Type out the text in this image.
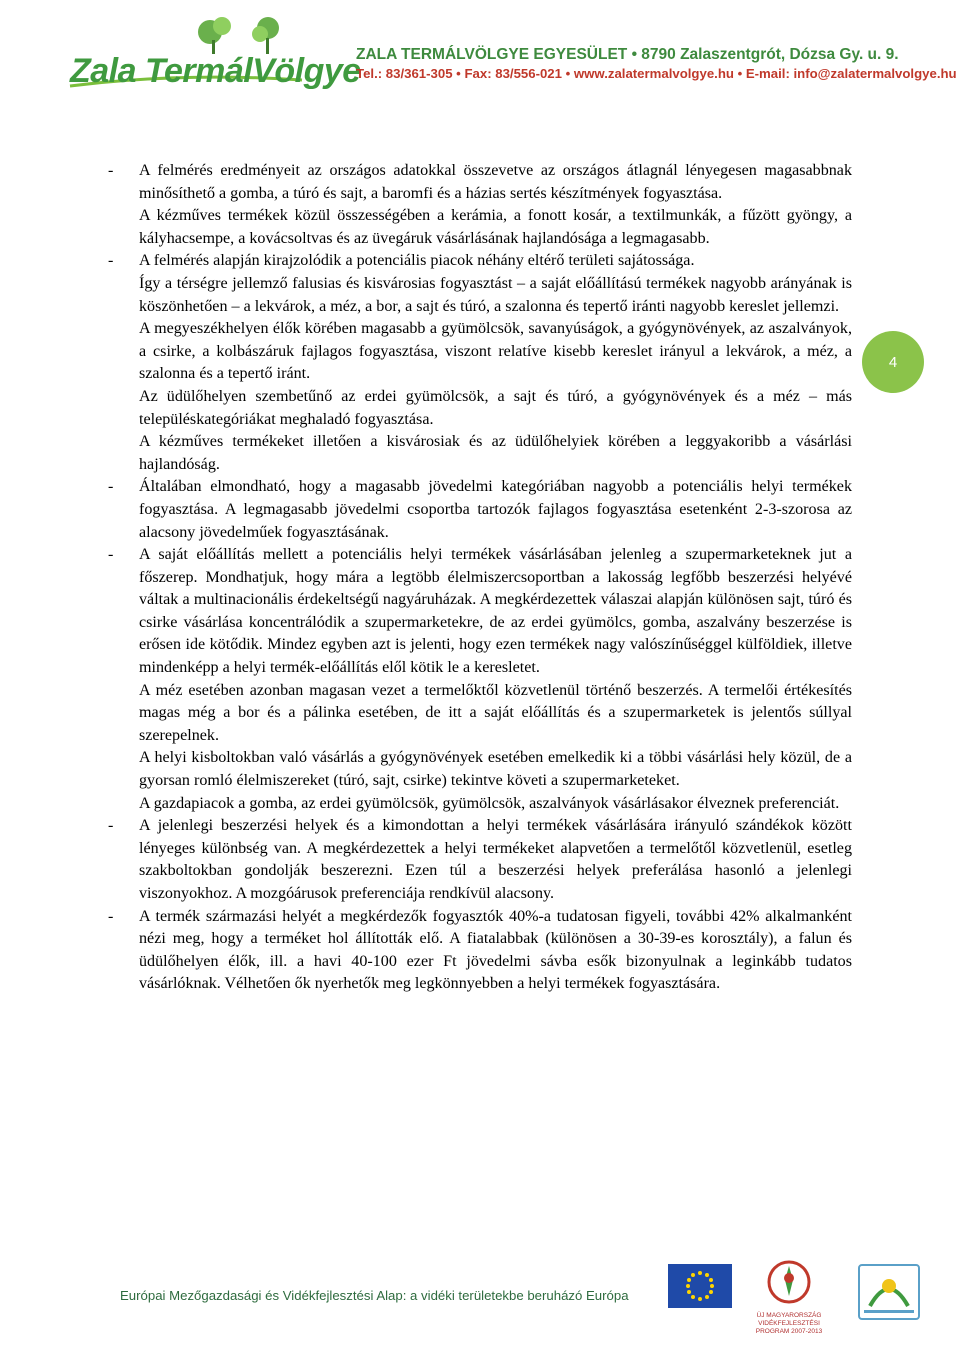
Zala TermálVölgye
ZALA TERMÁLVÖLGYE EGYESÜLET • 8790 Zalaszentgrót, Dózsa Gy. u. 9.
Tel.: 83/361-305 • Fax: 83/556-021 • www.zalatermalvolgye.hu • E-mail: info@zalatermalvolgye.hu
4
- A felmérés eredményeit az országos adatokkal összevetve az országos átlagnál lényegesen magasabbnak minősíthető a gomba, a túró és sajt, a baromfi és a házias sertés készítmények fogyasztása.

A kézműves termékek közül összességében a kerámia, a fonott kosár, a textilmunkák, a fűzött gyöngy, a kályhacsempe, a kovácsoltvas és az üvegáruk vásárlásának hajlandósága a legmagasabb.

- A felmérés alapján kirajzolódik a potenciális piacok néhány eltérő területi sajátossága.

Így a térségre jellemző falusias és kisvárosias fogyasztást – a saját előállítású termékek nagyobb arányának is köszönhetően – a lekvárok, a méz, a bor, a sajt és túró, a szalonna és tepertő iránti nagyobb kereslet jellemzi.

A megyeszékhelyen élők körében magasabb a gyümölcsök, savanyúságok, a gyógynövények, az aszalványok, a csirke, a kolbászáruk fajlagos fogyasztása, viszont relatíve kisebb kereslet irányul a lekvárok, a méz, a szalonna és a tepertő iránt.

Az üdülőhelyen szembetűnő az erdei gyümölcsök, a sajt és túró, a gyógynövények és a méz – más településkategóriákat meghaladó fogyasztása.

A kézműves termékeket illetően a kisvárosiak és az üdülőhelyiek körében a leggyakoribb a vásárlási hajlandóság.

- Általában elmondható, hogy a magasabb jövedelmi kategóriában nagyobb a potenciális helyi termékek fogyasztása. A legmagasabb jövedelmi csoportba tartozók fajlagos fogyasztása esetenként 2-3-szorosa az alacsony jövedelműek fogyasztásának.

- A saját előállítás mellett a potenciális helyi termékek vásárlásában jelenleg a szupermarketeknek jut a főszerep. Mondhatjuk, hogy mára a legtöbb élelmiszercsoportban a lakosság legfőbb beszerzési helyévé váltak a multinacionális érdekeltségű nagyáruházak. A megkérdezettek válaszai alapján különösen sajt, túró és csirke vásárlása koncentrálódik a szupermarketekre, de az erdei gyümölcs, gomba, aszalvány beszerzése is erősen ide kötődik. Mindez egyben azt is jelenti, hogy ezen termékek nagy valószínűséggel külföldiek, illetve mindenképp a helyi termék-előállítás elől kötik le a keresletet.

A méz esetében azonban magasan vezet a termelőktől közvetlenül történő beszerzés. A termelői értékesítés magas még a bor és a pálinka esetében, de itt a saját előállítás és a szupermarketek is jelentős súllyal szerepelnek.

A helyi kisboltokban való vásárlás a gyógynövények esetében emelkedik ki a többi vásárlási hely közül, de a gyorsan romló élelmiszereket (túró, sajt, csirke) tekintve követi a szupermarketeket.

A gazdapiacok a gomba, az erdei gyümölcsök, gyümölcsök, aszalványok vásárlásakor élveznek preferenciát.

- A jelenlegi beszerzési helyek és a kimondottan a helyi termékek vásárlására irányuló szándékok között lényeges különbség van. A megkérdezettek a helyi termékeket alapvetően a termelőtől közvetlenül, esetleg szakboltokban gondolják beszerezni. Ezen túl a beszerzési helyek preferálása hasonló a jelenlegi viszonyokhoz. A mozgóárusok preferenciája rendkívül alacsony.

- A termék származási helyét a megkérdezők fogyasztók 40%-a tudatosan figyeli, további 42% alkalmanként nézi meg, hogy a terméket hol állították elő. A fiatalabbak (különösen a 30-39-es korosztály), a falun és üdülőhelyen élők, ill. a havi 40-100 ezer Ft jövedelmi sávba esők bizonyulnak a leginkább tudatos vásárlóknak. Vélhetően ők nyerhetők meg legkönnyebben a helyi termékek fogyasztására.

Európai Mezőgazdasági és Vidékfejlesztési Alap: a vidéki területekbe beruházó Európa
ÚJ MAGYARORSZÁG VIDÉKFEJLESZTÉSI PROGRAM 2007-2013
